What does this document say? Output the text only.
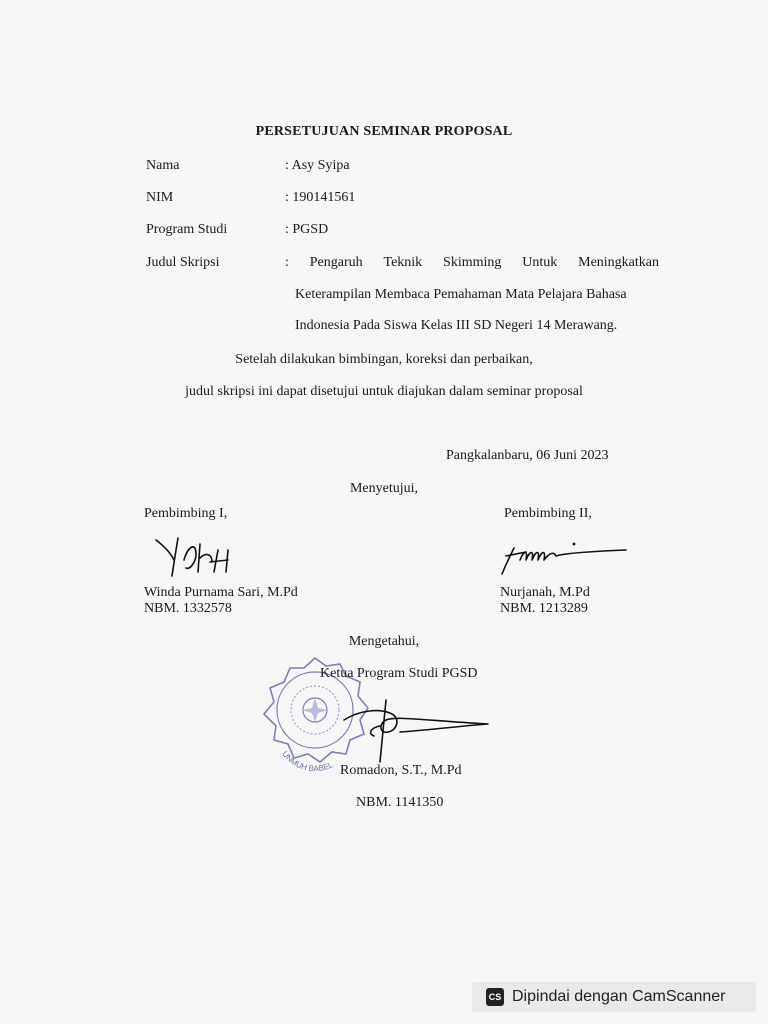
PERSETUJUAN SEMINAR PROPOSAL
Nama	: Asy Syipa
NIM	: 190141561
Program Studi	: PGSD
Judul Skripsi	: Pengaruh Teknik Skimming Untuk Meningkatkan
Keterampilan Membaca Pemahaman Mata Pelajara Bahasa
Indonesia Pada Siswa Kelas III SD Negeri 14 Merawang.
Setelah dilakukan bimbingan, koreksi dan perbaikan,
judul skripsi ini dapat disetujui untuk diajukan dalam seminar proposal
Pangkalanbaru, 06 Juni 2023
Menyetujui,
Pembimbing I,
Winda Purnama Sari, M.Pd
NBM. 1332578
Pembimbing II,
Nurjanah, M.Pd
NBM. 1213289
Mengetahui,
UNMUH BABEL
Ketua Program Studi PGSD
Romadon, S.T., M.Pd
NBM. 1141350
CS Dipindai dengan CamScanner
